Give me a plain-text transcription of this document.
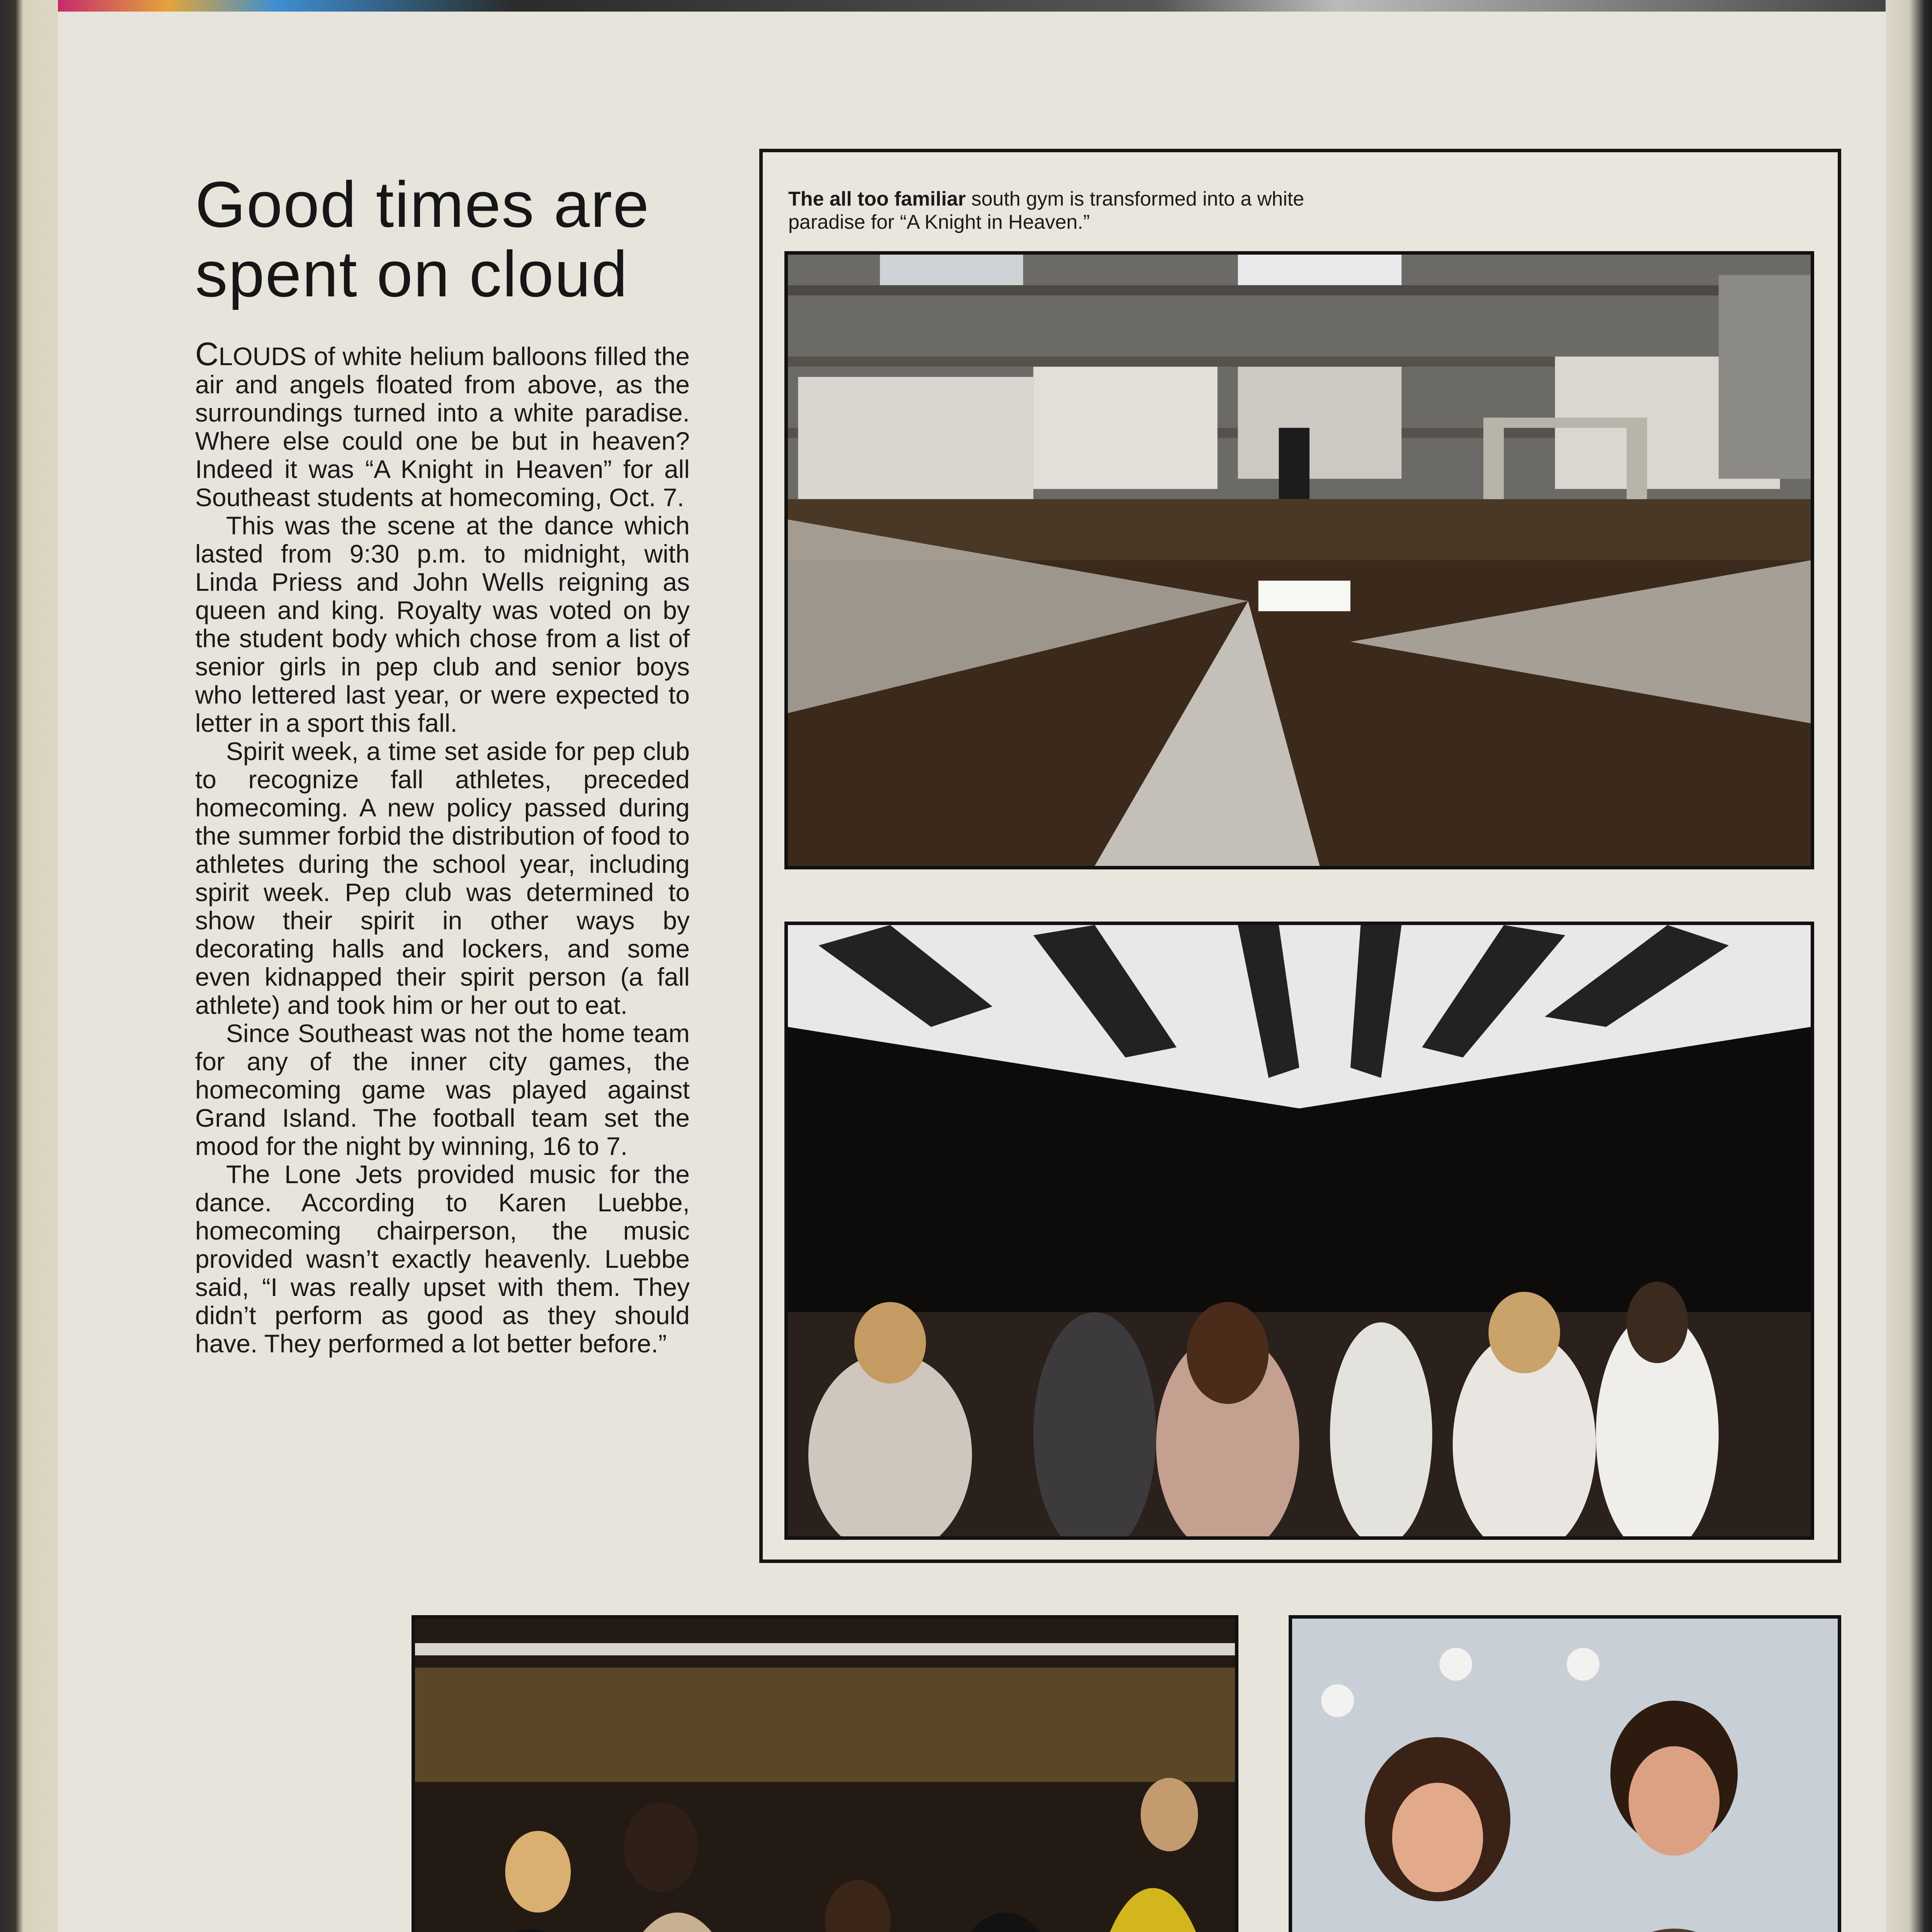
Good times are spent on cloud

CLOUDS of white helium balloons filled the air and angels floated from above, as the surroundings turned into a white paradise. Where else could one be but in heaven? Indeed it was “A Knight in Heaven” for all Southeast students at homecoming, Oct. 7.

This was the scene at the dance which lasted from 9:30 p.m. to midnight, with Linda Priess and John Wells reigning as queen and king. Royalty was voted on by the student body which chose from a list of senior girls in pep club and senior boys who lettered last year, or were expected to letter in a sport this fall.

Spirit week, a time set aside for pep club to recognize fall athletes, preceded homecoming. A new policy passed during the summer forbid the distribution of food to athletes during the school year, including spirit week. Pep club was determined to show their spirit in other ways by decorating halls and lockers, and some even kidnapped their spirit person (a fall athlete) and took him or her out to eat.

Since Southeast was not the home team for any of the inner city games, the homecoming game was played against Grand Island. The football team set the mood for the night by winning, 16 to 7.

The Lone Jets provided music for the dance. According to Karen Luebbe, homecoming chairperson, the music provided wasn’t exactly heavenly. Luebbe said, “I was really upset with them. They didn’t perform as good as they should have. They performed a lot better before.”

The all too familiar south gym is transformed into a white paradise for “A Knight in Heaven.”
